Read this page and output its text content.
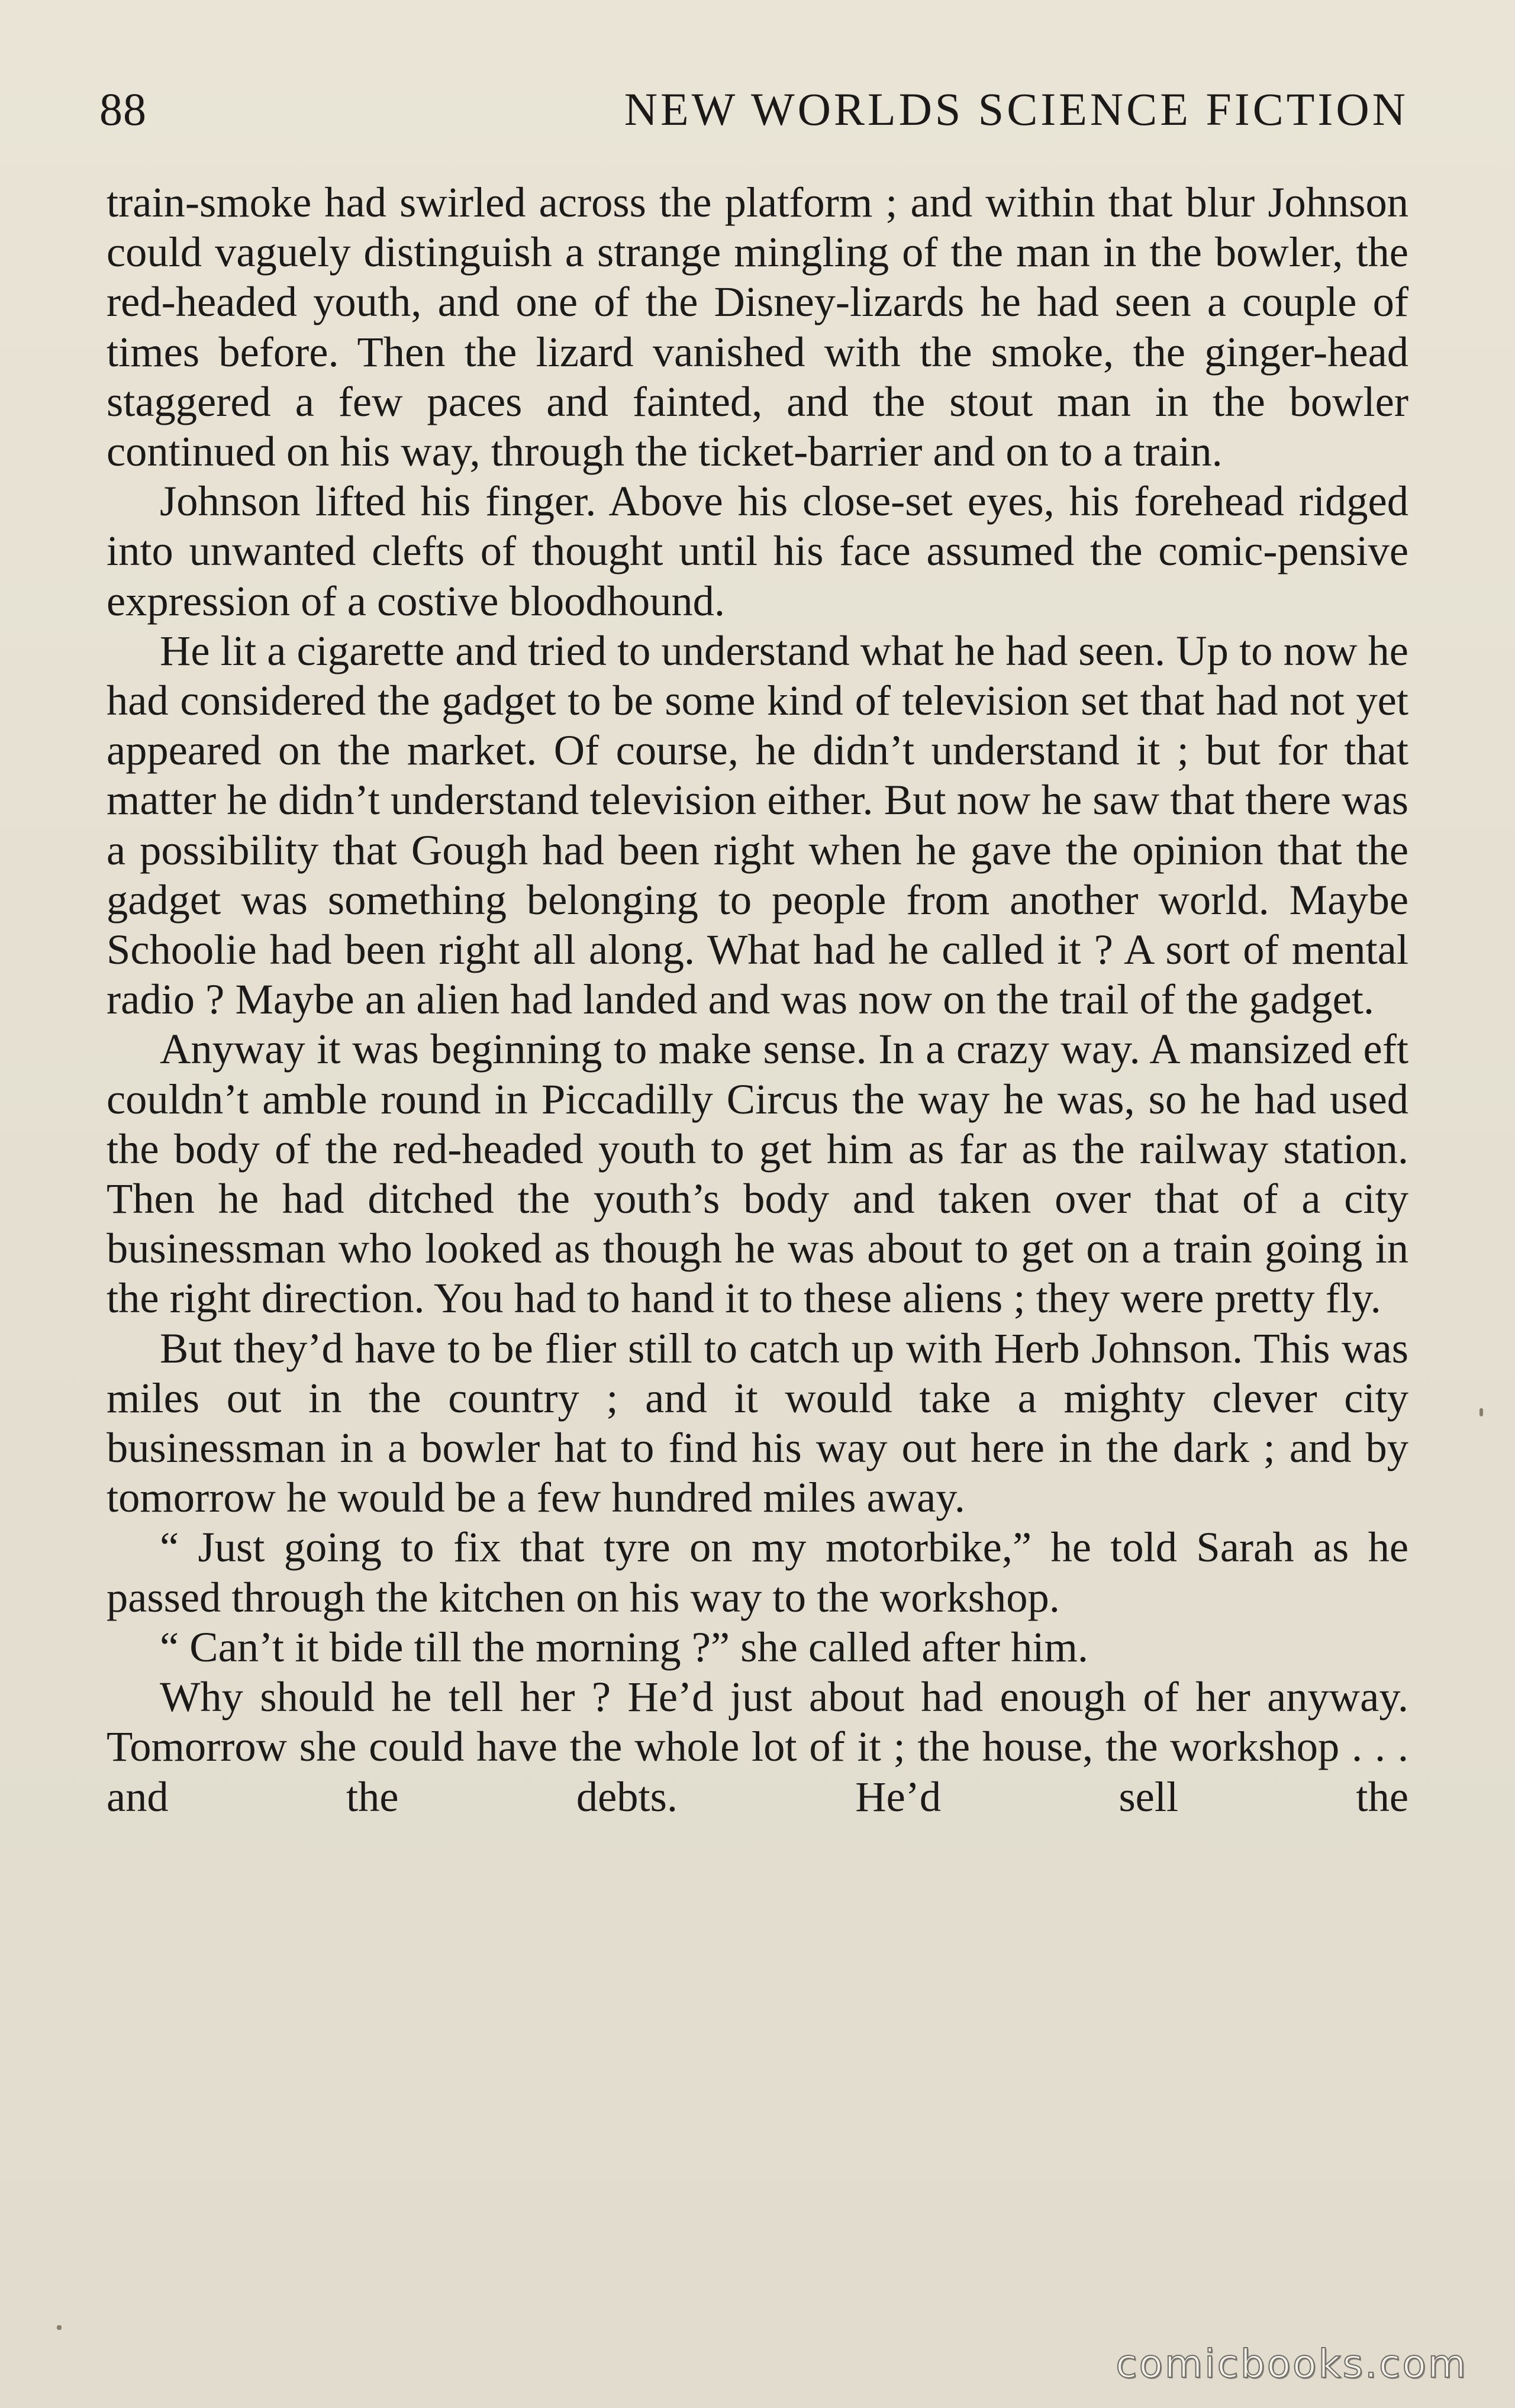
88	NEW WORLDS SCIENCE FICTION

train-smoke had swirled across the platform ; and within that blur Johnson could vaguely distinguish a strange mingling of the man in the bowler, the red-headed youth, and one of the Disney-lizards he had seen a couple of times before. Then the lizard vanished with the smoke, the ginger-head staggered a few paces and fainted, and the stout man in the bowler continued on his way, through the ticket-barrier and on to a train.

Johnson lifted his finger. Above his close-set eyes, his forehead ridged into unwanted clefts of thought until his face assumed the comic-pensive expression of a costive bloodhound.

He lit a cigarette and tried to understand what he had seen. Up to now he had considered the gadget to be some kind of television set that had not yet appeared on the market. Of course, he didn’t understand it ; but for that matter he didn’t understand television either. But now he saw that there was a possibility that Gough had been right when he gave the opinion that the gadget was something belonging to people from another world. Maybe Schoolie had been right all along. What had he called it ? A sort of mental radio ? Maybe an alien had landed and was now on the trail of the gadget.

Anyway it was beginning to make sense. In a crazy way. A mansized eft couldn’t amble round in Piccadilly Circus the way he was, so he had used the body of the red-headed youth to get him as far as the railway station. Then he had ditched the youth’s body and taken over that of a city businessman who looked as though he was about to get on a train going in the right direction. You had to hand it to these aliens ; they were pretty fly.

But they’d have to be flier still to catch up with Herb Johnson. This was miles out in the country ; and it would take a mighty clever city businessman in a bowler hat to find his way out here in the dark ; and by tomorrow he would be a few hundred miles away.

“ Just going to fix that tyre on my motorbike,” he told Sarah as he passed through the kitchen on his way to the workshop.

“ Can’t it bide till the morning ?” she called after him.

Why should he tell her ? He’d just about had enough of her anyway. Tomorrow she could have the whole lot of it ; the house, the workshop . . . and the debts. He’d sell the

comicbooks.com
